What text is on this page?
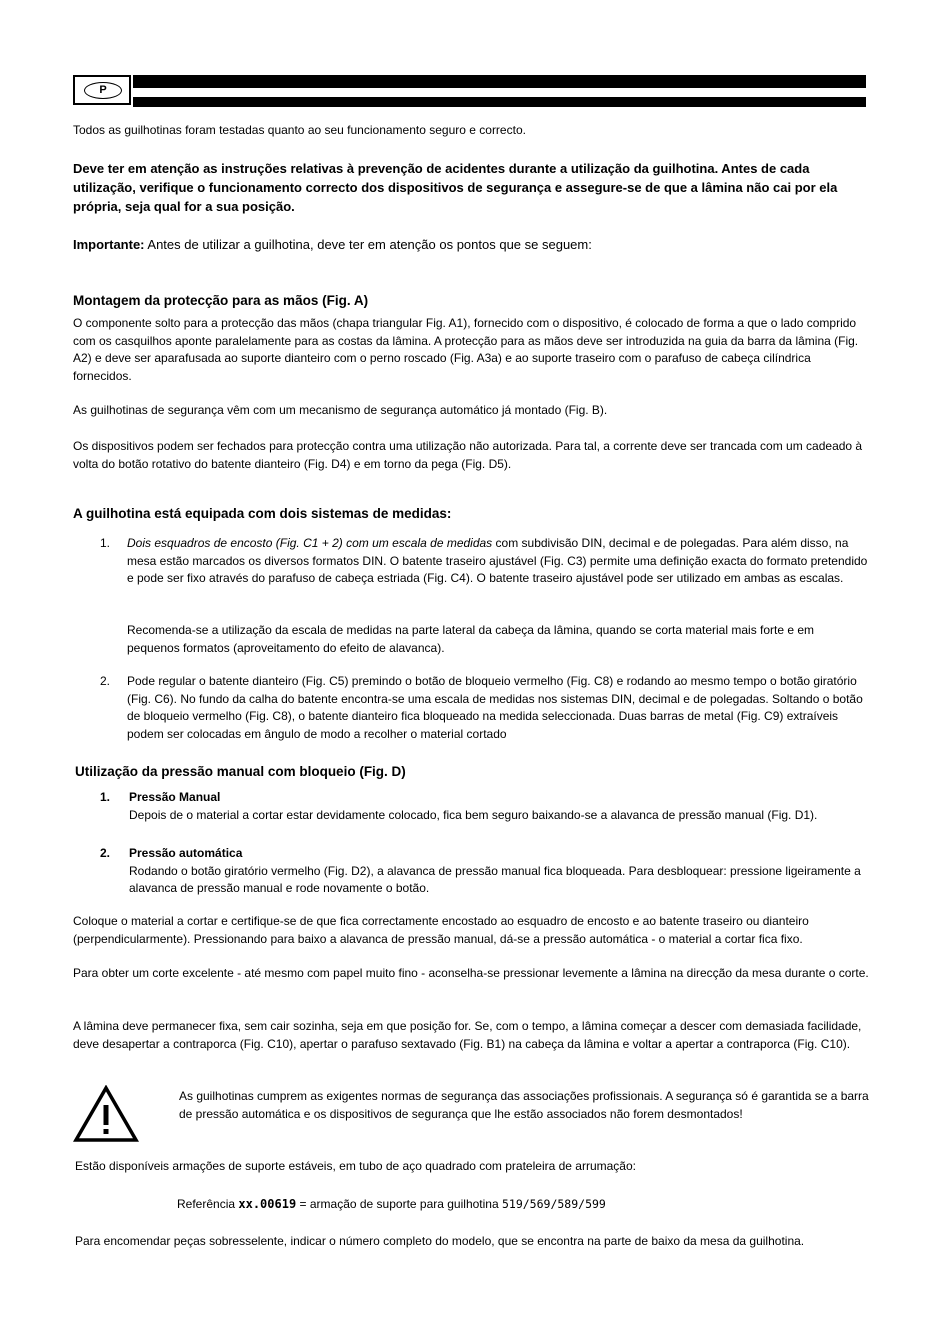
P
Todos as guilhotinas foram testadas quanto ao seu funcionamento seguro e correcto.
Deve ter em atenção as instruções relativas à prevenção de acidentes durante a utilização da guilhotina. Antes de cada utilização, verifique o funcionamento correcto dos dispositivos de segurança e assegure-se de que a lâmina não cai por ela própria, seja qual for a sua posição.
Importante: Antes de utilizar a guilhotina, deve ter em atenção os pontos que se seguem:
Montagem da protecção para as mãos (Fig. A)
O componente solto para a protecção das mãos (chapa triangular Fig. A1), fornecido com o dispositivo, é colocado de forma a que o lado comprido com os casquilhos aponte paralelamente para as costas da lâmina. A protecção para as mãos deve ser introduzida na guia da barra da lâmina (Fig. A2) e deve ser aparafusada ao suporte dianteiro com o perno roscado (Fig. A3a) e ao suporte traseiro com o parafuso de cabeça cilíndrica fornecidos.
As guilhotinas de segurança vêm com um mecanismo de segurança automático já montado (Fig. B).
Os dispositivos podem ser fechados para protecção contra uma utilização não autorizada. Para tal, a corrente deve ser trancada com um cadeado à volta do botão rotativo do batente dianteiro (Fig. D4) e em torno da pega (Fig. D5).
A guilhotina está equipada com dois sistemas de medidas:
1. Dois esquadros de encosto (Fig. C1 + 2) com um escala de medidas com subdivisão DIN, decimal e de polegadas. Para além disso, na mesa estão marcados os diversos formatos DIN. O batente traseiro ajustável (Fig. C3) permite uma definição exacta do formato pretendido e pode ser fixo através do parafuso de cabeça estriada (Fig. C4). O batente traseiro ajustável pode ser utilizado em ambas as escalas.
Recomenda-se a utilização da escala de medidas na parte lateral da cabeça da lâmina, quando se corta material mais forte e em pequenos formatos (aproveitamento do efeito de alavanca).
2. Pode regular o batente dianteiro (Fig. C5) premindo o botão de bloqueio vermelho (Fig. C8) e rodando ao mesmo tempo o botão giratório (Fig. C6). No fundo da calha do batente encontra-se uma escala de medidas nos sistemas DIN, decimal e de polegadas. Soltando o botão de bloqueio vermelho (Fig. C8), o batente dianteiro fica bloqueado na medida seleccionada. Duas barras de metal (Fig. C9) extraíveis podem ser colocadas em ângulo de modo a recolher o material cortado
Utilização da pressão manual com bloqueio (Fig. D)
1. Pressão Manual
Depois de o material a cortar estar devidamente colocado, fica bem seguro baixando-se a alavanca de pressão manual (Fig. D1).
2. Pressão automática
Rodando o botão giratório vermelho (Fig. D2), a alavanca de pressão manual fica bloqueada. Para desbloquear: pressione ligeiramente a alavanca de pressão manual e rode novamente o botão.
Coloque o material a cortar e certifique-se de que fica correctamente encostado ao esquadro de encosto e ao batente traseiro ou dianteiro (perpendicularmente). Pressionando para baixo a alavanca de pressão manual, dá-se a pressão automática - o material a cortar fica fixo.
Para obter um corte excelente - até mesmo com papel muito fino - aconselha-se pressionar levemente a lâmina na direcção da mesa durante o corte.
A lâmina deve permanecer fixa, sem cair sozinha, seja em que posição for. Se, com o tempo, a lâmina começar a descer com demasiada facilidade, deve desapertar a contraporca (Fig. C10), apertar o parafuso sextavado (Fig. B1) na cabeça da lâmina e voltar a apertar a contraporca (Fig. C10).
As guilhotinas cumprem as exigentes normas de segurança das associações profissionais. A segurança só é garantida se a barra de pressão automática e os dispositivos de segurança que lhe estão associados não forem desmontados!
Estão disponíveis armações de suporte estáveis, em tubo de aço quadrado com prateleira de arrumação:
Referência xx.00619 = armação de suporte para guilhotina 519/569/589/599
Para encomendar peças sobresselente, indicar o número completo do modelo, que se encontra na parte de baixo da mesa da guilhotina.
